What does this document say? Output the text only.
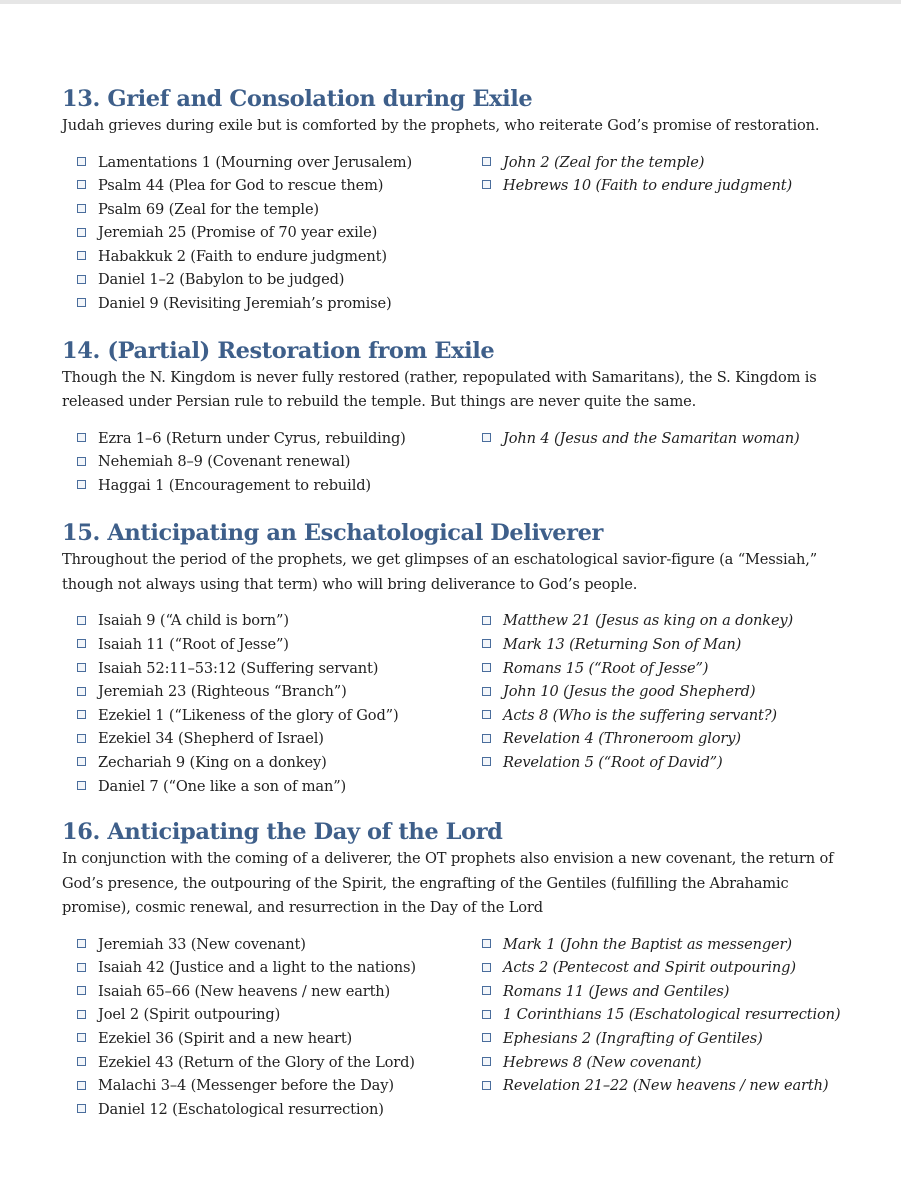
13. Grief and Consolation during Exile

Judah grieves during exile but is comforted by the prophets, who reiterate God’s promise of restoration.

Lamentations 1 (Mourning over Jerusalem)
Psalm 44 (Plea for God to rescue them)
Psalm 69 (Zeal for the temple)
Jeremiah 25 (Promise of 70 year exile)
Habakkuk 2 (Faith to endure judgment)
Daniel 1–2 (Babylon to be judged)
Daniel 9 (Revisiting Jeremiah’s promise)
John 2 (Zeal for the temple)
Hebrews 10 (Faith to endure judgment)
14. (Partial) Restoration from Exile

Though the N. Kingdom is never fully restored (rather, repopulated with Samaritans), the S. Kingdom is released under Persian rule to rebuild the temple. But things are never quite the same.

Ezra 1–6 (Return under Cyrus, rebuilding)
Nehemiah 8–9 (Covenant renewal)
Haggai 1 (Encouragement to rebuild)
John 4 (Jesus and the Samaritan woman)
15. Anticipating an Eschatological Deliverer

Throughout the period of the prophets, we get glimpses of an eschatological savior-figure (a “Messiah,” though not always using that term) who will bring deliverance to God’s people.

Isaiah 9 (“A child is born”)
Isaiah 11 (“Root of Jesse”)
Isaiah 52:11–53:12 (Suffering servant)
Jeremiah 23 (Righteous “Branch”)
Ezekiel 1 (“Likeness of the glory of God”)
Ezekiel 34 (Shepherd of Israel)
Zechariah 9 (King on a donkey)
Daniel 7 (“One like a son of man”)
Matthew 21 (Jesus as king on a donkey)
Mark 13 (Returning Son of Man)
Romans 15 (“Root of Jesse”)
John 10 (Jesus the good Shepherd)
Acts 8 (Who is the suffering servant?)
Revelation 4 (Throneroom glory)
Revelation 5 (“Root of David”)
16. Anticipating the Day of the Lord

In conjunction with the coming of a deliverer, the OT prophets also envision a new covenant, the return of God’s presence, the outpouring of the Spirit, the engrafting of the Gentiles (fulfilling the Abrahamic promise), cosmic renewal, and resurrection in the Day of the Lord

Jeremiah 33 (New covenant)
Isaiah 42 (Justice and a light to the nations)
Isaiah 65–66 (New heavens / new earth)
Joel 2 (Spirit outpouring)
Ezekiel 36 (Spirit and a new heart)
Ezekiel 43 (Return of the Glory of the Lord)
Malachi 3–4 (Messenger before the Day)
Daniel 12 (Eschatological resurrection)
Mark 1 (John the Baptist as messenger)
Acts 2 (Pentecost and Spirit outpouring)
Romans 11 (Jews and Gentiles)
1 Corinthians 15 (Eschatological resurrection)
Ephesians 2 (Ingrafting of Gentiles)
Hebrews 8 (New covenant)
Revelation 21–22 (New heavens / new earth)
